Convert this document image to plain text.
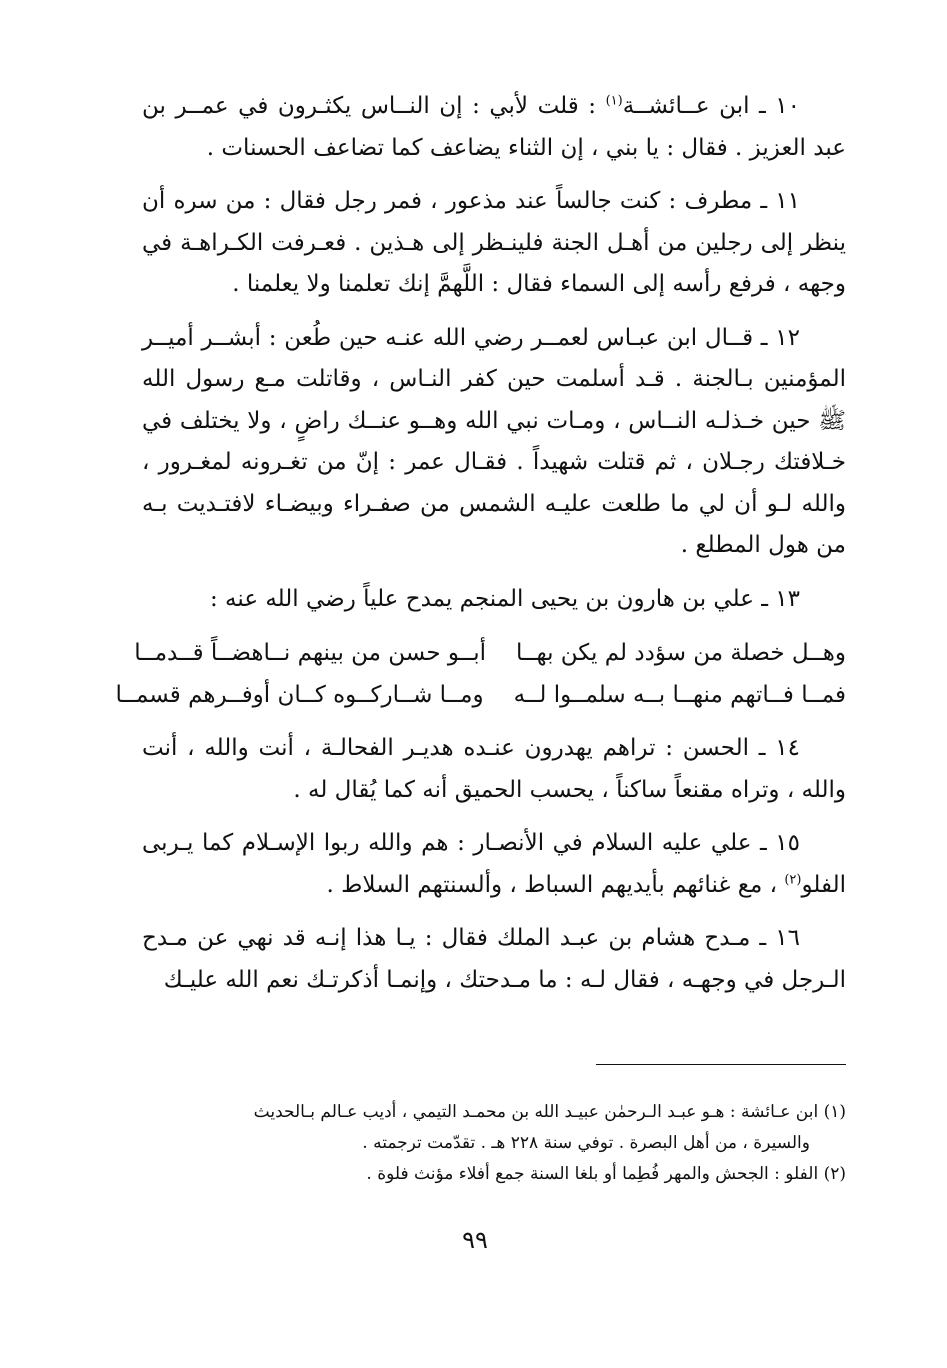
١٠ ـ ابن عــائشــة$^{(١)}$ : قلت لأبي : إن النــاس يكثـرون في عمــر بن عبد العزيز . فقال : يا بني ، إن الثناء يضاعف كما تضاعف الحسنات .

١١ ـ مطرف : كنت جالساً عند مذعور ، فمر رجل فقال : من سره أن ينظر إلى رجلين من أهـل الجنة فلينـظر إلى هـذين . فعـرفت الكـراهـة في وجهه ، فرفع رأسه إلى السماء فقال : اللَّهمَّ إنك تعلمنا ولا يعلمنا .

١٢ ـ قــال ابن عبـاس لعمــر رضي الله عنـه حين طُعن : أبشــر أميــر المؤمنين بـالجنة . قـد أسلمت حين كفر النـاس ، وقاتلت مـع رسول الله ﷺ حين خـذلـه النــاس ، ومـات نبي الله وهــو عنــك راضٍ ، ولا يختلف في خـلافتك رجـلان ، ثم قتلت شهيداً . فقـال عمر : إنّ من تغـرونه لمغـرور ، والله لـو أن لي ما طلعت عليـه الشمس من صفـراء وبيضـاء لافتـديت بـه من هول المطلع .

١٣ ـ علي بن هارون بن يحيى المنجم يمدح علياً رضي الله عنه :

وهــل خصلة من سؤدد لم يكن بهــا
أبــو حسن من بينهم نــاهضــاً قــدمــا
فمــا فــاتهم منهــا بــه سلمــوا لــه
ومــا شــاركــوه كــان أوفــرهم قسمــا

١٤ ـ الحسن : تراهم يهدرون عنـده هديـر الفحالـة ، أنت والله ، أنت والله ، وتراه مقنعاً ساكناً ، يحسب الحميق أنه كما يُقال له .

١٥ ـ علي عليه السلام في الأنصـار : هم والله ربوا الإسـلام كما يـربى الفلو$^{(٢)}$ ، مع غنائهم بأيديهم السباط ، وألسنتهم السلاط .

١٦ ـ مـدح هشام بن عبـد الملك فقال : يـا هذا إنـه قد نهي عن مـدح الـرجل في وجهـه ، فقال لـه : ما مـدحتك ، وإنمـا أذكرتـك نعم الله عليـك

(١) ابن عـائشة : هـو عبـد الـرحمٰن عبيـد الله بن محمـد التيمي ، أديب عـالم بـالحديث

والسيرة ، من أهل البصرة . توفي سنة ٢٢٨ هـ . تقدّمت ترجمته .

(٢) الفلو : الجحش والمهر فُطِما أو بلغا السنة جمع أفلاء مؤنث فلوة .

٩٩
